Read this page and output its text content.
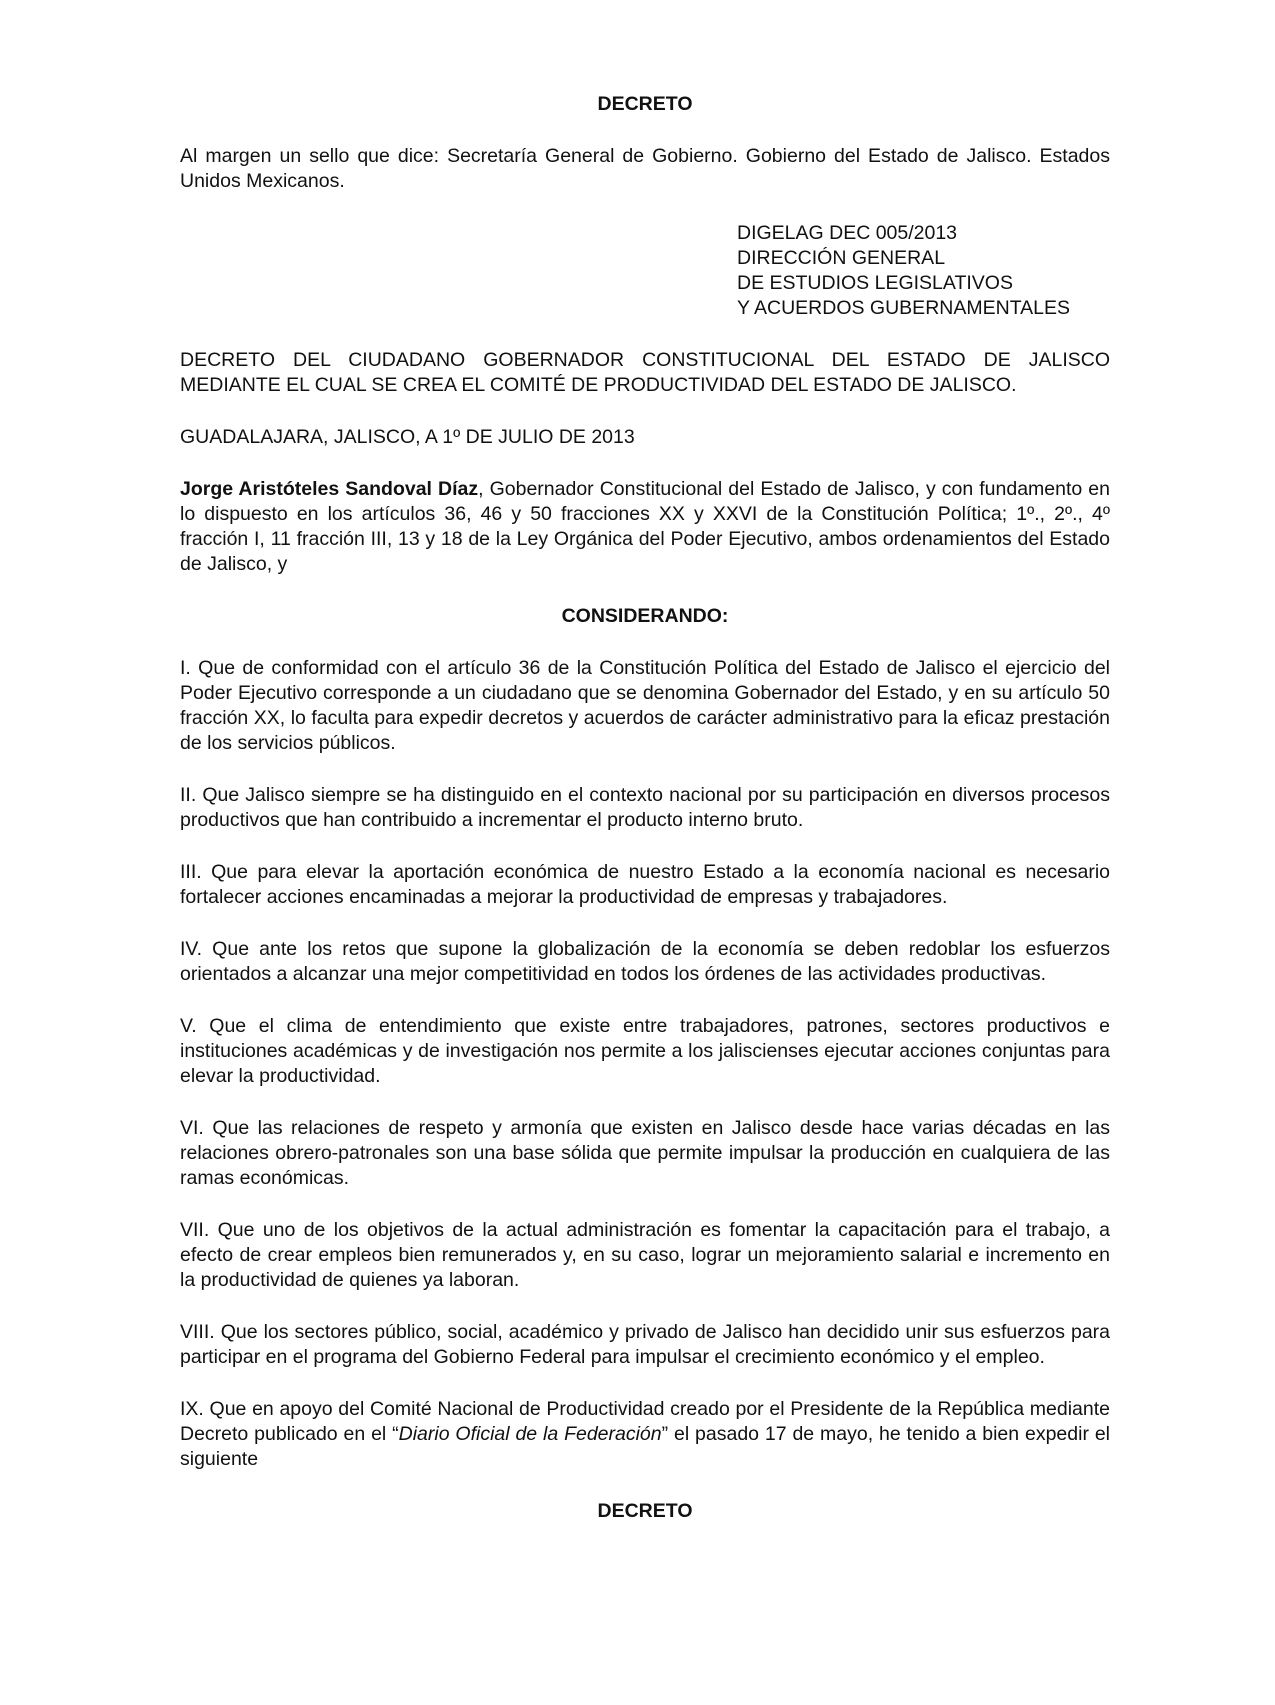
DECRETO

Al margen un sello que dice: Secretaría General de Gobierno. Gobierno del Estado de Jalisco. Estados Unidos Mexicanos.

DIGELAG DEC 005/2013
DIRECCIÓN GENERAL
DE ESTUDIOS LEGISLATIVOS
Y ACUERDOS GUBERNAMENTALES

DECRETO DEL CIUDADANO GOBERNADOR CONSTITUCIONAL DEL ESTADO DE JALISCO MEDIANTE EL CUAL SE CREA EL COMITÉ DE PRODUCTIVIDAD DEL ESTADO DE JALISCO.

GUADALAJARA, JALISCO, A 1º DE JULIO DE 2013

Jorge Aristóteles Sandoval Díaz, Gobernador Constitucional del Estado de Jalisco, y con fundamento en lo dispuesto en los artículos 36, 46 y 50 fracciones XX y XXVI de la Constitución Política; 1º., 2º., 4º fracción I, 11 fracción III, 13 y 18 de la Ley Orgánica del Poder Ejecutivo, ambos ordenamientos del Estado de Jalisco, y

CONSIDERANDO:

I. Que de conformidad con el artículo 36 de la Constitución Política del Estado de Jalisco el ejercicio del Poder Ejecutivo corresponde a un ciudadano que se denomina Gobernador del Estado, y en su artículo 50 fracción XX, lo faculta para expedir decretos y acuerdos de carácter administrativo para la eficaz prestación de los servicios públicos.

II. Que Jalisco siempre se ha distinguido en el contexto nacional por su participación en diversos procesos productivos que han contribuido a incrementar el producto interno bruto.

III. Que para elevar la aportación económica de nuestro Estado a la economía nacional es necesario fortalecer acciones encaminadas a mejorar la productividad de empresas y trabajadores.

IV. Que ante los retos que supone la globalización de la economía se deben redoblar los esfuerzos orientados a alcanzar una mejor competitividad en todos los órdenes de las actividades productivas.

V. Que el clima de entendimiento que existe entre trabajadores, patrones, sectores productivos e instituciones académicas y de investigación nos permite a los jaliscienses ejecutar acciones conjuntas para elevar la productividad.

VI. Que las relaciones de respeto y armonía que existen en Jalisco desde hace varias décadas en las relaciones obrero-patronales son una base sólida que permite impulsar la producción en cualquiera de las ramas económicas.

VII. Que uno de los objetivos de la actual administración es fomentar la capacitación para el trabajo, a efecto de crear empleos bien remunerados y, en su caso, lograr un mejoramiento salarial e incremento en la productividad de quienes ya laboran.

VIII. Que los sectores público, social, académico y privado de Jalisco han decidido unir sus esfuerzos para participar en el programa del Gobierno Federal para impulsar el crecimiento económico y el empleo.

IX. Que en apoyo del Comité Nacional de Productividad creado por el Presidente de la República mediante Decreto publicado en el “Diario Oficial de la Federación” el pasado 17 de mayo, he tenido a bien expedir el siguiente

DECRETO
